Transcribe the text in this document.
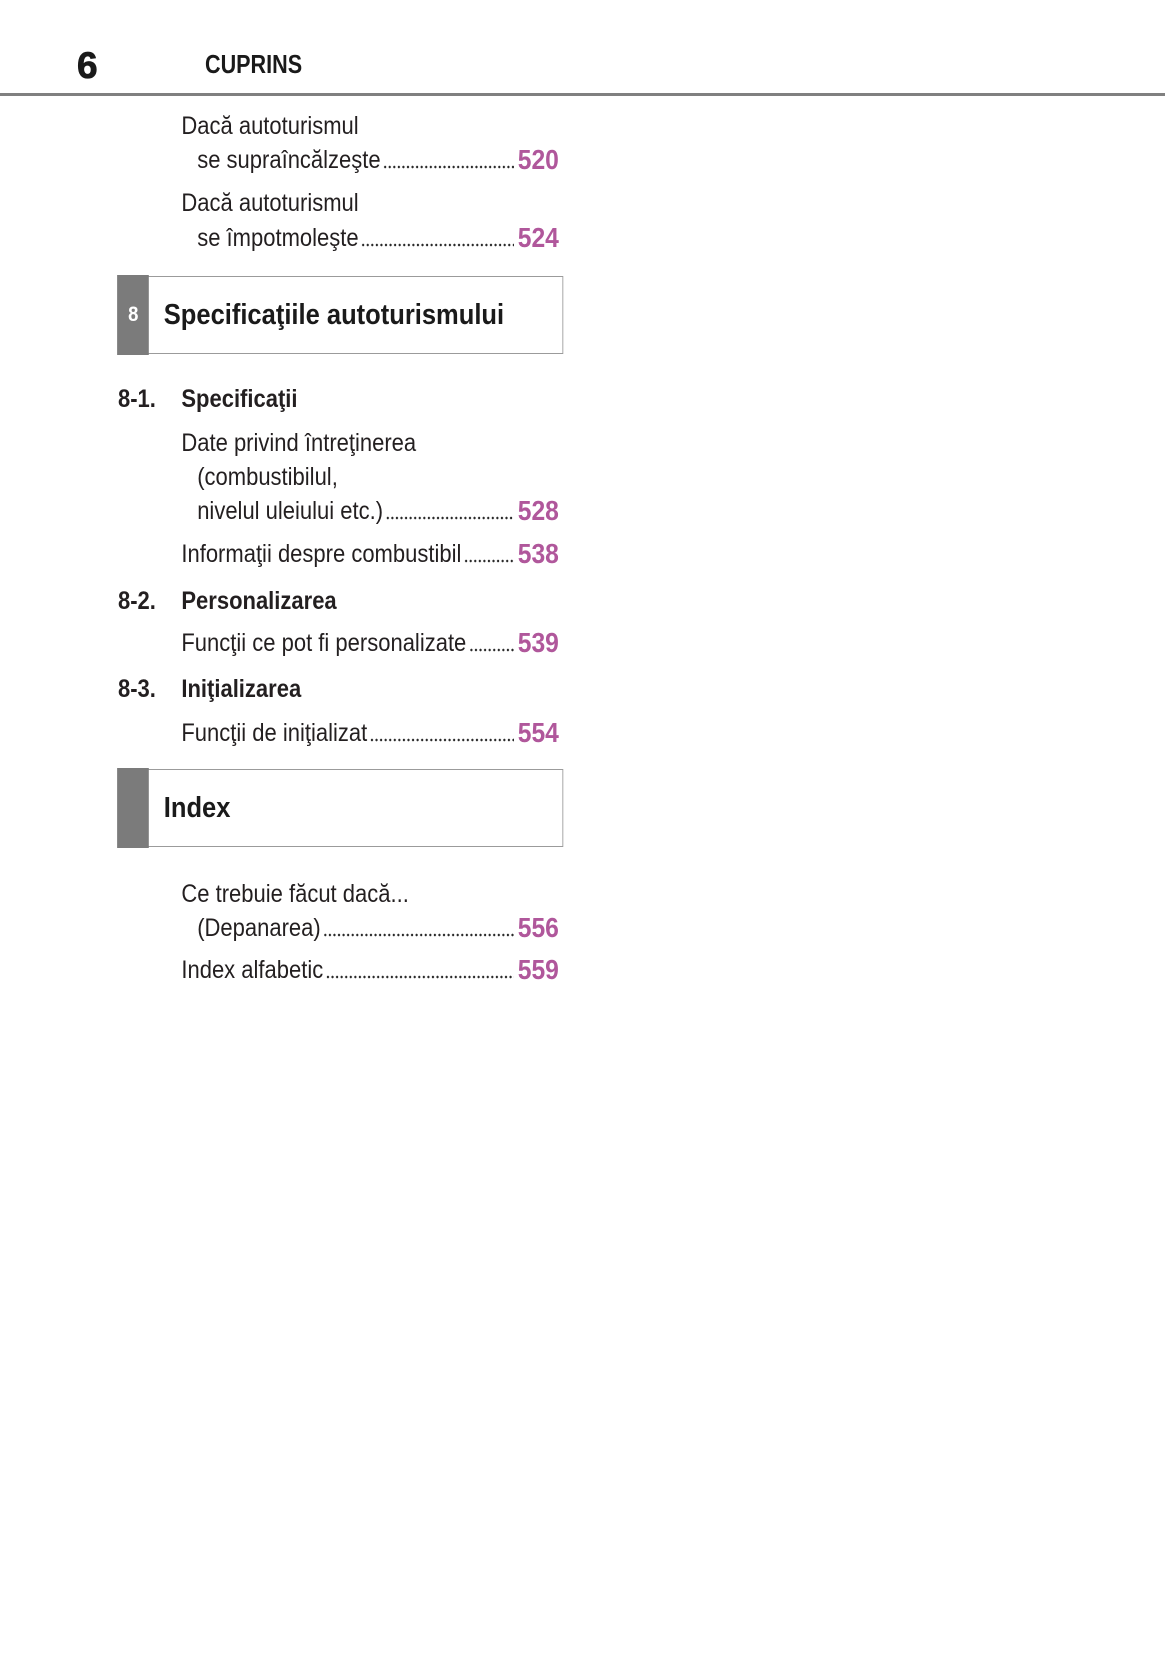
6	CUPRINS
Dacă autoturismul
se supraîncălzeşte	520
Dacă autoturismul
se împotmoleşte	524
8 Specificaţiile autoturismului
8-1. Specificaţii
Date privind întreţinerea
(combustibilul,
nivelul uleiului etc.)	528
Informaţii despre combustibil 538
8-2. Personalizarea
Funcţii ce pot fi personalizate 539
8-3. Iniţializarea
Funcţii de iniţializat	554
Index
Ce trebuie făcut dacă...
(Depanarea)	556
Index alfabetic	559
